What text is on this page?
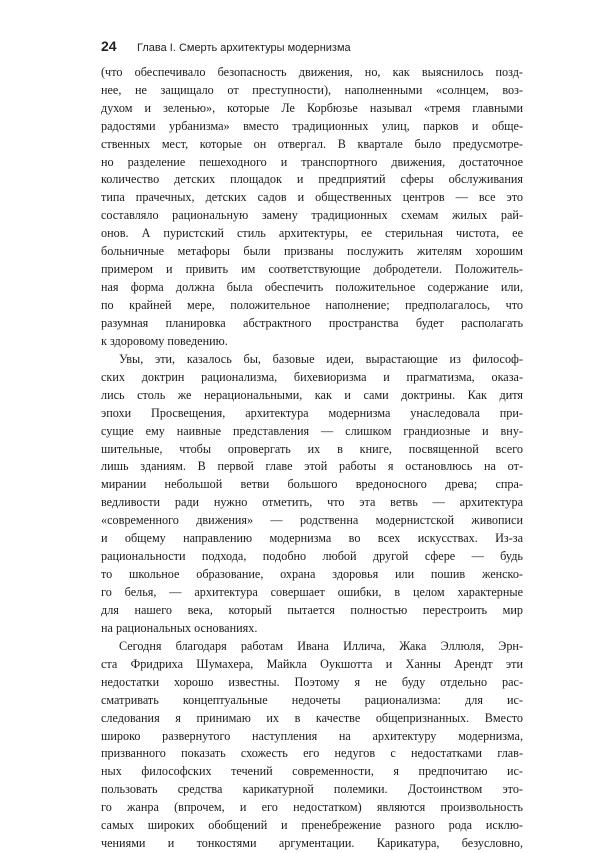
24	Глава I. Смерть архитектуры модернизма

(что обеспечивало безопасность движения, но, как выяснилось позд-
нее, не защищало от преступности), наполненными «солнцем, воз-
духом и зеленью», которые Ле Корбюзье называл «тремя главными
радостями урбанизма» вместо традиционных улиц, парков и обще-
ственных мест, которые он отвергал. В квартале было предусмотре-
но разделение пешеходного и транспортного движения, достаточное
количество детских площадок и предприятий сферы обслуживания
типа прачечных, детских садов и общественных центров — все это
составляло рациональную замену традиционных схемам жилых рай-
онов. А пуристский стиль архитектуры, ее стерильная чистота, ее
больничные метафоры были призваны послужить жителям хорошим
примером и привить им соответствующие добродетели. Положитель-
ная форма должна была обеспечить положительное содержание или,
по крайней мере, положительное наполнение; предполагалось, что
разумная планировка абстрактного пространства будет располагать
к здоровому поведению.

Увы, эти, казалось бы, базовые идеи, вырастающие из философ-
ских доктрин рационализма, бихевиоризма и прагматизма, оказа-
лись столь же нерациональными, как и сами доктрины. Как дитя
эпохи Просвещения, архитектура модернизма унаследовала при-
сущие ему наивные представления — слишком грандиозные и вну-
шительные, чтобы опровергать их в книге, посвященной всего
лишь зданиям. В первой главе этой работы я остановлюсь на от-
мирании небольшой ветви большого вредоносного древа; спра-
ведливости ради нужно отметить, что эта ветвь — архитектура
«современного движения» — родственна модернистской живописи
и общему направлению модернизма во всех искусствах. Из-за
рациональности подхода, подобно любой другой сфере — будь
то школьное образование, охрана здоровья или пошив женско-
го белья, — архитектура совершает ошибки, в целом характерные
для нашего века, который пытается полностью перестроить мир
на рациональных основаниях.

Сегодня благодаря работам Ивана Иллича, Жака Эллюля, Эрн-
ста Фридриха Шумахера, Майкла Оукшотта и Ханны Арендт эти
недостатки хорошо известны. Поэтому я не буду отдельно рас-
сматривать концептуальные недочеты рационализма: для ис-
следования я принимаю их в качестве общепризнанных. Вместо
широко развернутого наступления на архитектуру модернизма,
призванного показать схожесть его недугов с недостатками глав-
ных философских течений современности, я предпочитаю ис-
пользовать средства карикатурной полемики. Достоинством это-
го жанра (впрочем, и его недостатком) являются произвольность
самых широких обобщений и пренебрежение разного рода исклю-
чениями и тонкостями аргументации. Карикатура, безусловно,
